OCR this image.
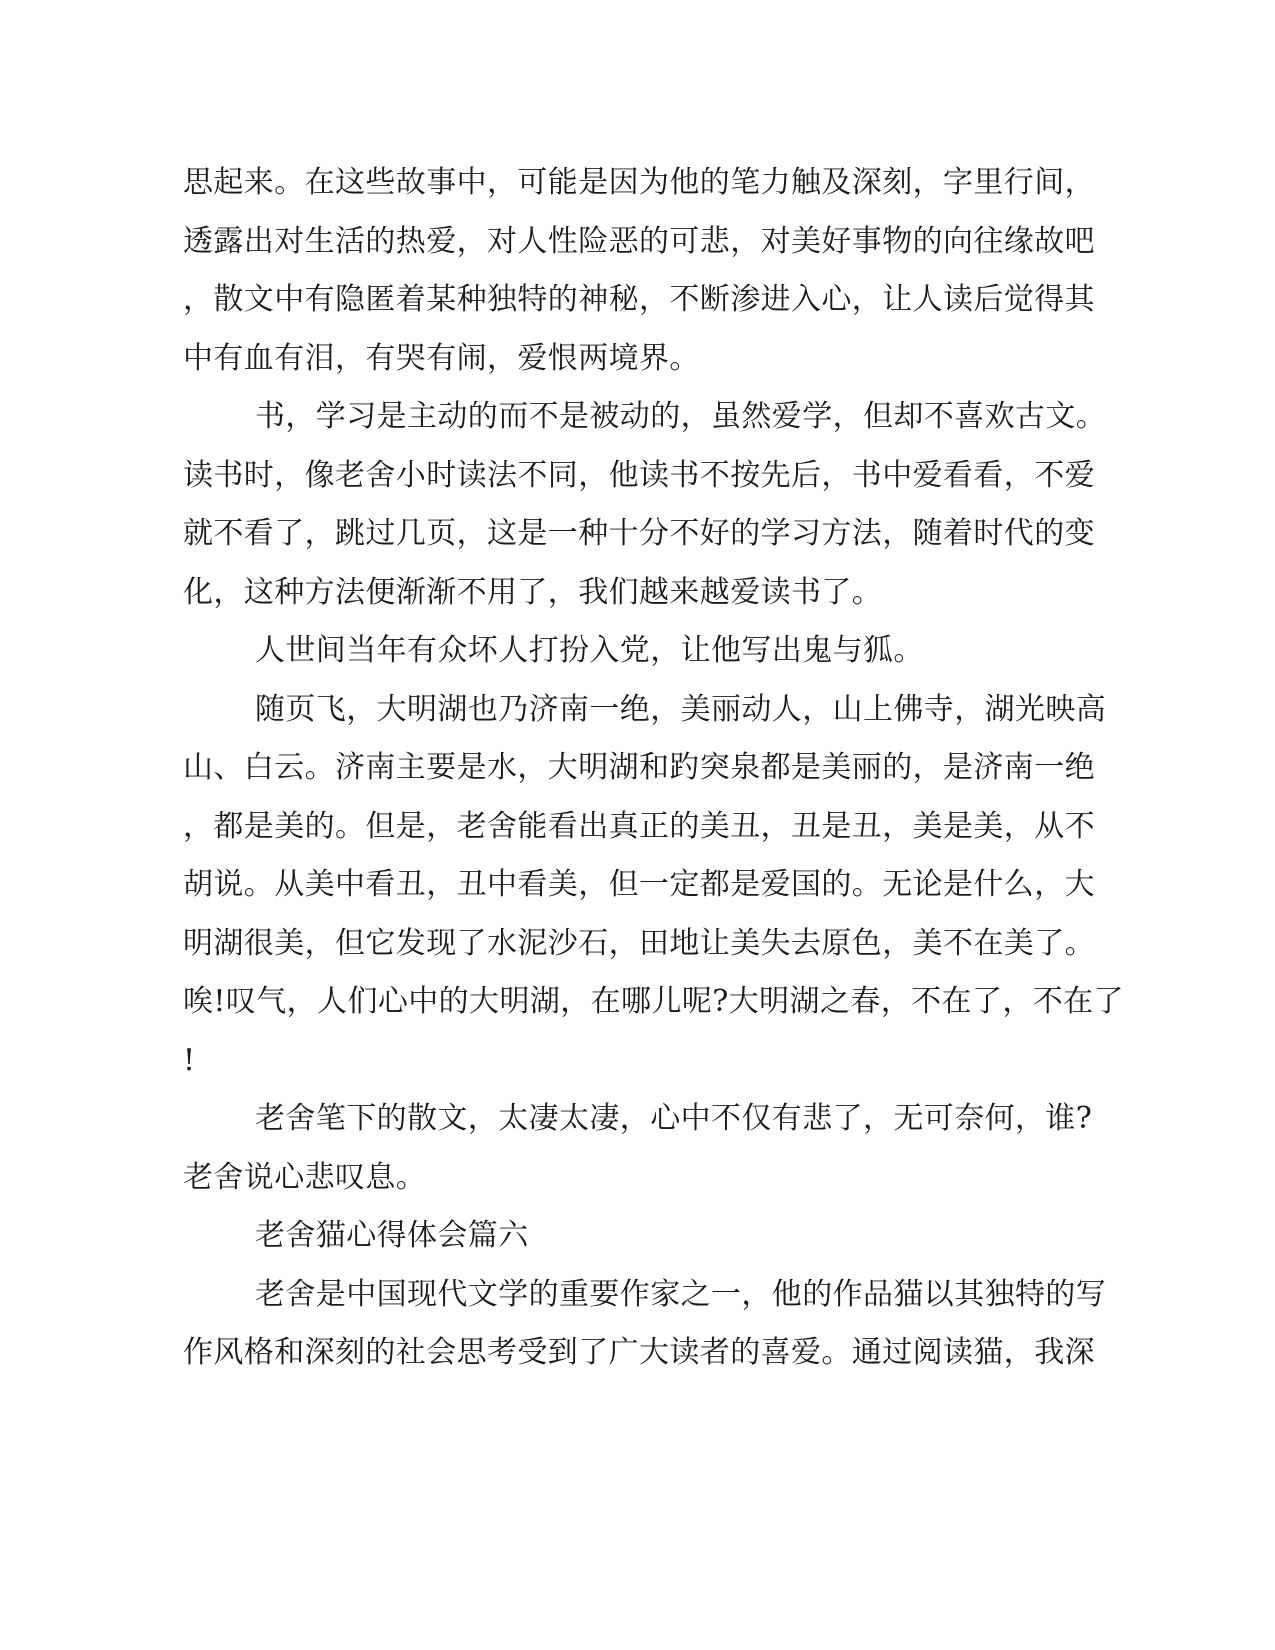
思起来。在这些故事中，可能是因为他的笔力触及深刻，字里行间，
透露出对生活的热爱，对人性险恶的可悲，对美好事物的向往缘故吧
，散文中有隐匿着某种独特的神秘，不断渗进入心，让人读后觉得其
中有血有泪，有哭有闹，爱恨两境界。
书，学习是主动的而不是被动的，虽然爱学，但却不喜欢古文。
读书时，像老舍小时读法不同，他读书不按先后，书中爱看看，不爱
就不看了，跳过几页，这是一种十分不好的学习方法，随着时代的变
化，这种方法便渐渐不用了，我们越来越爱读书了。
人世间当年有众坏人打扮入党，让他写出鬼与狐。
随页飞，大明湖也乃济南一绝，美丽动人，山上佛寺，湖光映高
山、白云。济南主要是水，大明湖和趵突泉都是美丽的，是济南一绝
，都是美的。但是，老舍能看出真正的美丑，丑是丑，美是美，从不
胡说。从美中看丑，丑中看美，但一定都是爱国的。无论是什么，大
明湖很美，但它发现了水泥沙石，田地让美失去原色，美不在美了。
唉!叹气，人们心中的大明湖，在哪儿呢?大明湖之春，不在了，不在了
!
老舍笔下的散文，太凄太凄，心中不仅有悲了，无可奈何，谁?
老舍说心悲叹息。
老舍猫心得体会篇六
老舍是中国现代文学的重要作家之一，他的作品猫以其独特的写
作风格和深刻的社会思考受到了广大读者的喜爱。通过阅读猫，我深
